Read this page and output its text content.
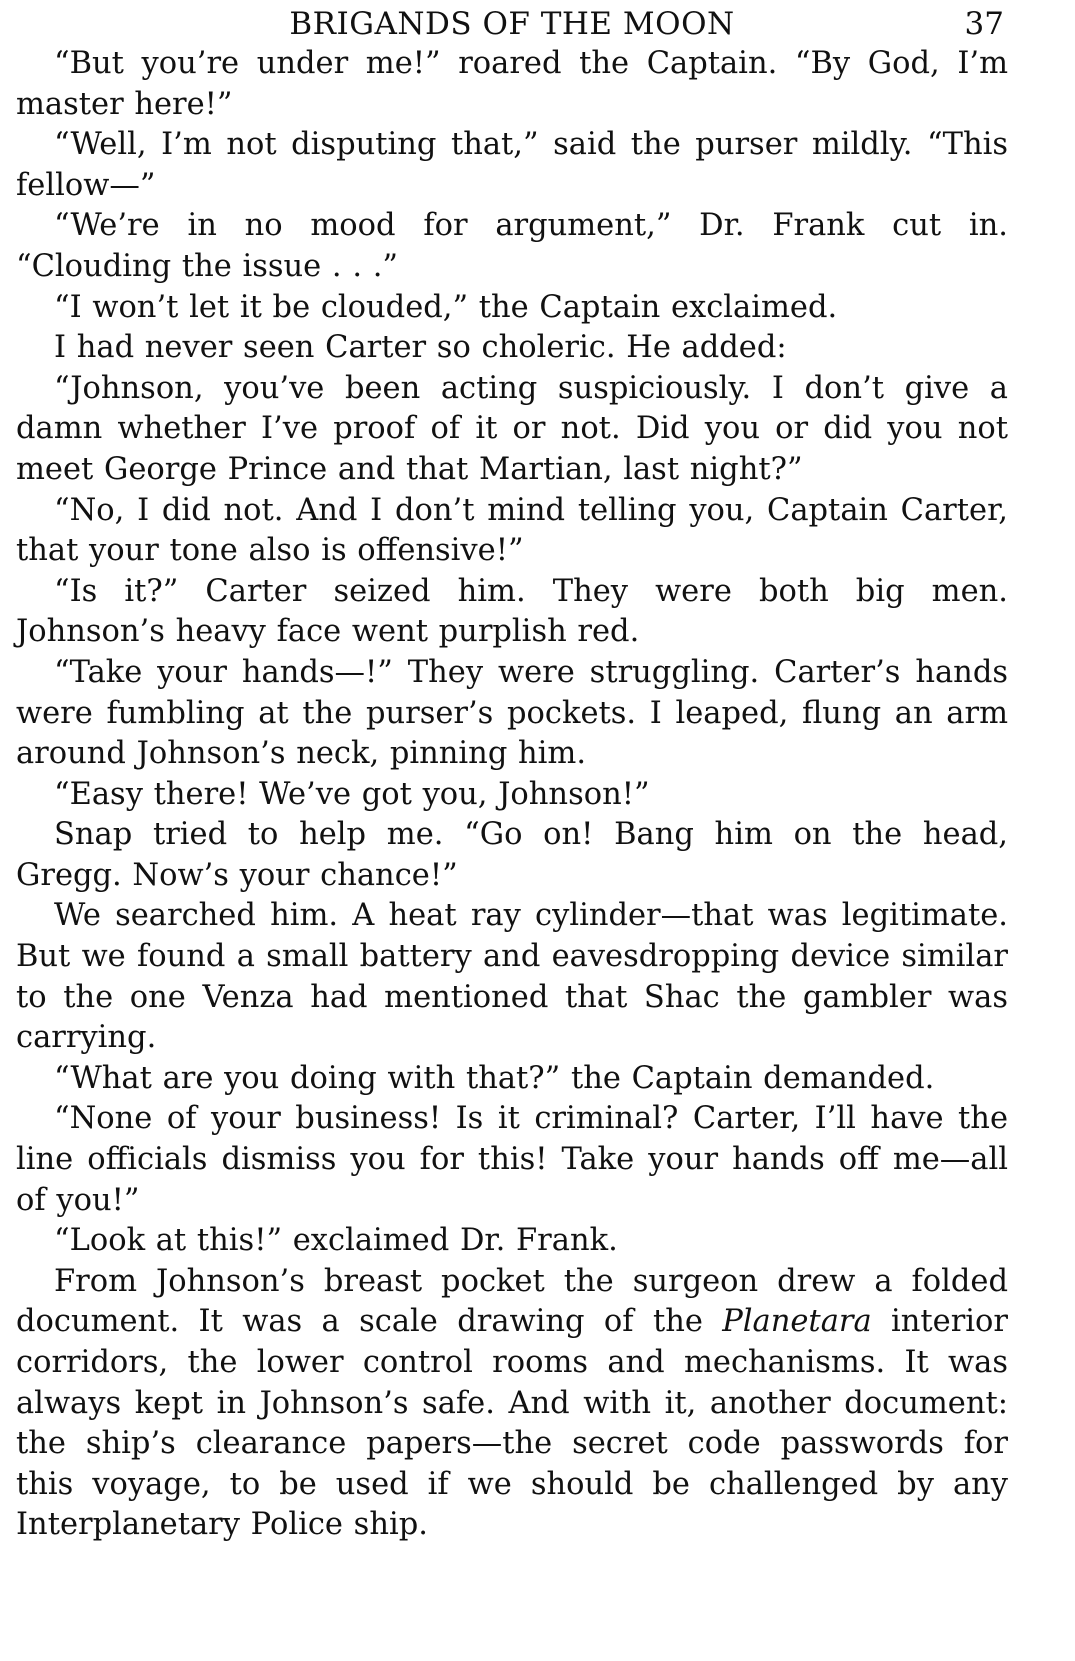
BRIGANDS OF THE MOON	37

“But you’re under me!” roared the Captain. “By God, I’m master here!”

“Well, I’m not disputing that,” said the purser mildly. “This fellow—”

“We’re in no mood for argument,” Dr. Frank cut in. “Clouding the issue . . .”

“I won’t let it be clouded,” the Captain exclaimed.

I had never seen Carter so choleric. He added:

“Johnson, you’ve been acting suspiciously. I don’t give a damn whether I’ve proof of it or not. Did you or did you not meet George Prince and that Martian, last night?”

“No, I did not. And I don’t mind telling you, Captain Carter, that your tone also is offensive!”

“Is it?” Carter seized him. They were both big men. Johnson’s heavy face went purplish red.

“Take your hands—!” They were struggling. Carter’s hands were fumbling at the purser’s pockets. I leaped, flung an arm around Johnson’s neck, pinning him.

“Easy there! We’ve got you, Johnson!”

Snap tried to help me. “Go on! Bang him on the head, Gregg. Now’s your chance!”

We searched him. A heat ray cylinder—that was legitimate. But we found a small battery and eavesdropping device similar to the one Venza had mentioned that Shac the gambler was carrying.

“What are you doing with that?” the Captain demanded.

“None of your business! Is it criminal? Carter, I’ll have the line officials dismiss you for this! Take your hands off me—all of you!”

“Look at this!” exclaimed Dr. Frank.

From Johnson’s breast pocket the surgeon drew a folded document. It was a scale drawing of the Planetara interior corridors, the lower control rooms and mechanisms. It was always kept in Johnson’s safe. And with it, another document: the ship’s clearance papers—the secret code passwords for this voyage, to be used if we should be challenged by any Interplanetary Police ship.
